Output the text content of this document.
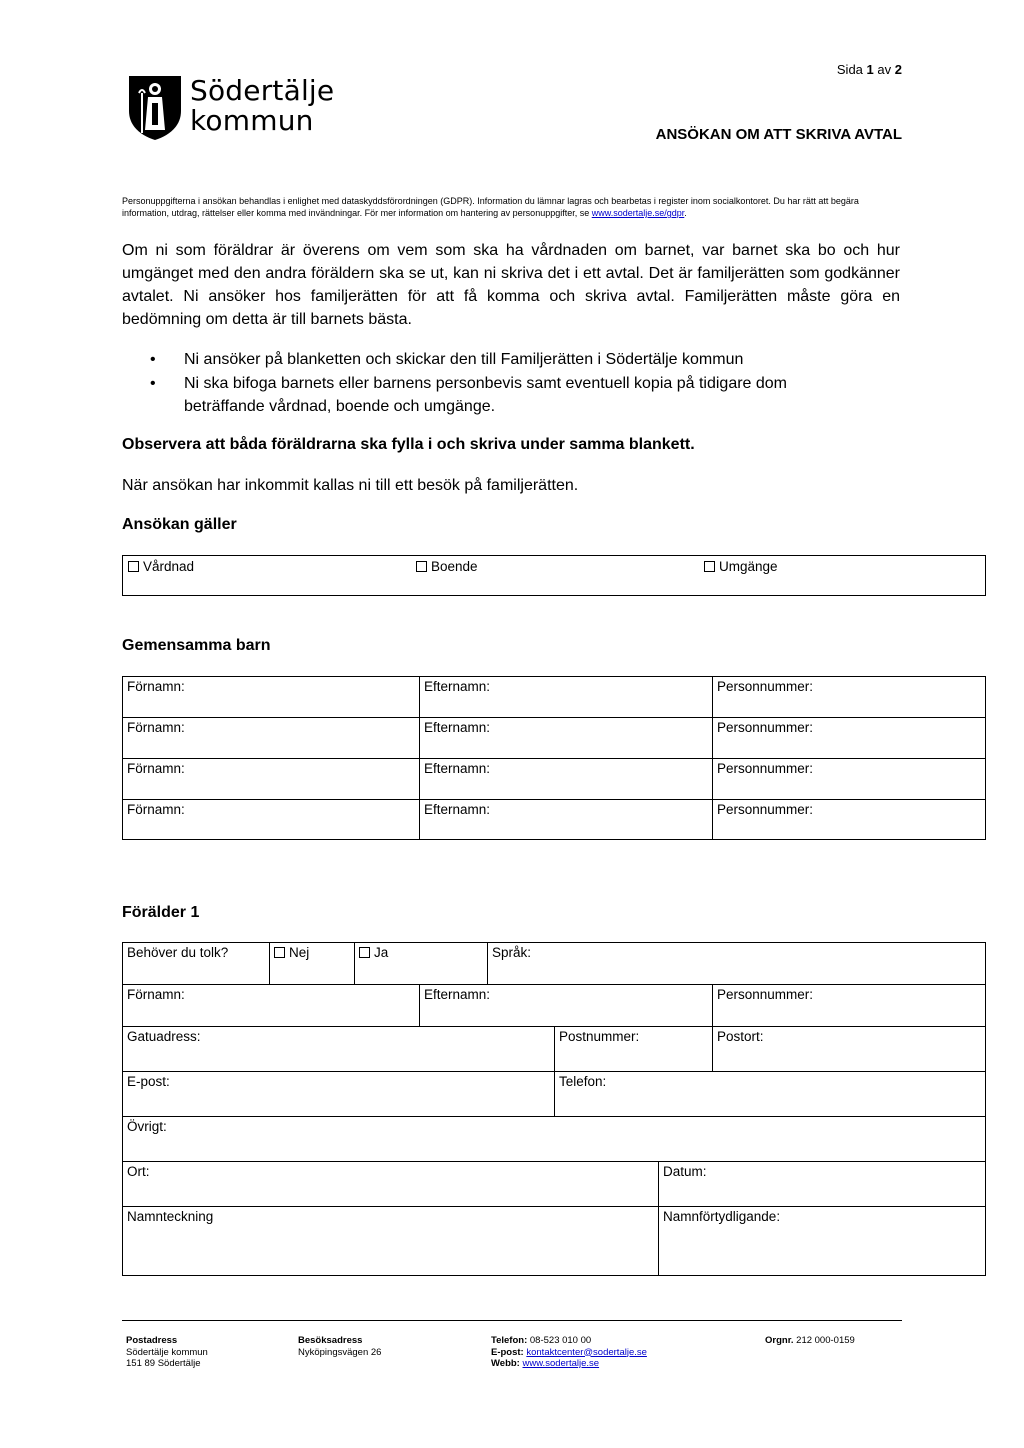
Sida 1 av 2
Södertälje
kommun	ANSÖKAN OM ATT SKRIVA AVTAL
Personuppgifterna i ansökan behandlas i enlighet med dataskyddsförordningen (GDPR). Information du lämnar lagras och bearbetas i register inom socialkontoret. Du har rätt att begära information, utdrag, rättelser eller komma med invändningar. För mer information om hantering av personuppgifter, se www.sodertalje.se/gdpr.
Om ni som föräldrar är överens om vem som ska ha vårdnaden om barnet, var barnet ska bo och hur umgänget med den andra föräldern ska se ut, kan ni skriva det i ett avtal. Det är familjerätten som godkänner avtalet. Ni ansöker hos familjerätten för att få komma och skriva avtal. Familjerätten måste göra en bedömning om detta är till barnets bästa.
• Ni ansöker på blanketten och skickar den till Familjerätten i Södertälje kommun
• Ni ska bifoga barnets eller barnens personbevis samt eventuell kopia på tidigare dom beträffande vårdnad, boende och umgänge.
Observera att båda föräldrarna ska fylla i och skriva under samma blankett.
När ansökan har inkommit kallas ni till ett besök på familjerätten.
Ansökan gäller
Vårdnad	Boende	Umgänge
Gemensamma barn
Förnamn:	Efternamn:	Personnummer:
Förnamn:	Efternamn:	Personnummer:
Förnamn:	Efternamn:	Personnummer:
Förnamn:	Efternamn:	Personnummer:
Förälder 1
Behöver du tolk?	Nej	Ja	Språk:
Förnamn:	Efternamn:	Personnummer:
Gatuadress:	Postnummer:	Postort:
E-post:	Telefon:
Övrigt:
Ort:	Datum:
Namnteckning	Namnförtydligande:
Postadress
Södertälje kommun
151 89 Södertälje
Besöksadress
Nyköpingsvägen 26
Telefon: 08-523 010 00
E-post: kontaktcenter@sodertalje.se
Webb: www.sodertalje.se
Orgnr. 212 000-0159
